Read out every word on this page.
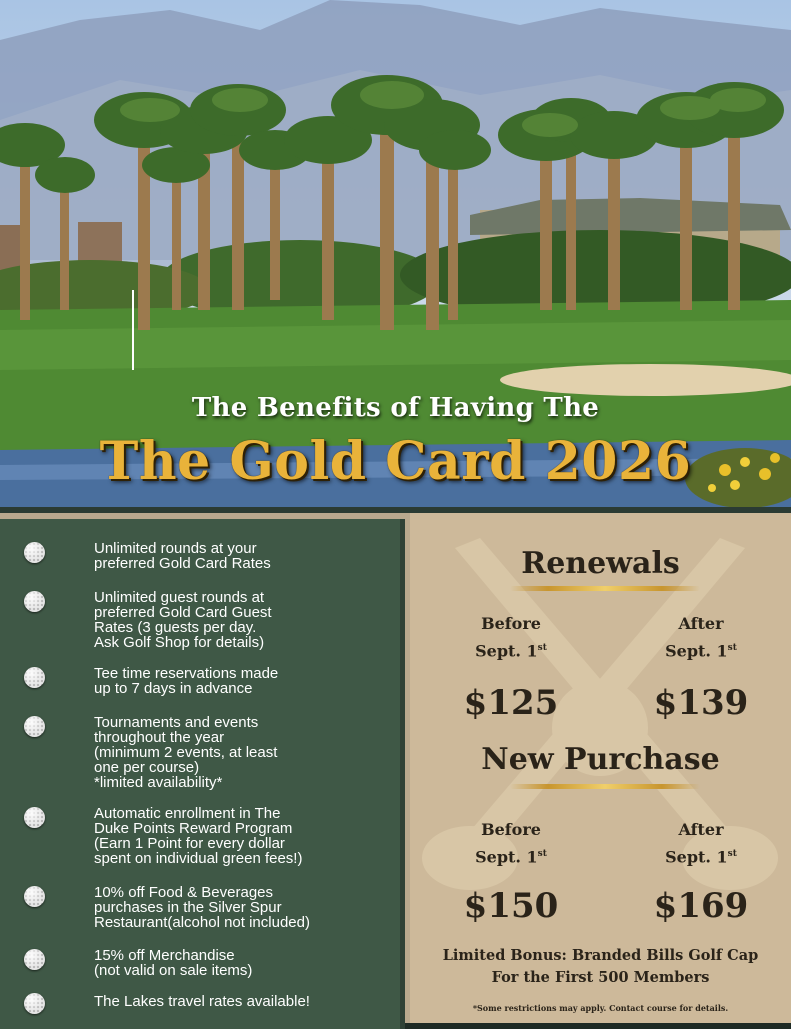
The Benefits of Having The
The Gold Card 2026
Unlimited rounds at your
preferred Gold Card Rates
Unlimited guest rounds at
preferred Gold Card Guest
Rates (3 guests per day.
Ask Golf Shop for details)
Tee time reservations made
up to 7 days in advance
Tournaments and events
throughout the year
(minimum 2 events, at least
one per course)
*limited availability*
Automatic enrollment in The
Duke Points Reward Program
(Earn 1 Point for every dollar
spent on individual green fees!)
10% off Food & Beverages
purchases in the Silver Spur
Restaurant(alcohol not included)
15% off Merchandise
(not valid on sale items)
The Lakes travel rates available!
Renewals
Before
Sept. 1st
After
Sept. 1st
$125	$139
New Purchase
Before
Sept. 1st
After
Sept. 1st
$150	$169
Limited Bonus: Branded Bills Golf Cap
For the First 500 Members
*Some restrictions may apply. Contact course for details.
